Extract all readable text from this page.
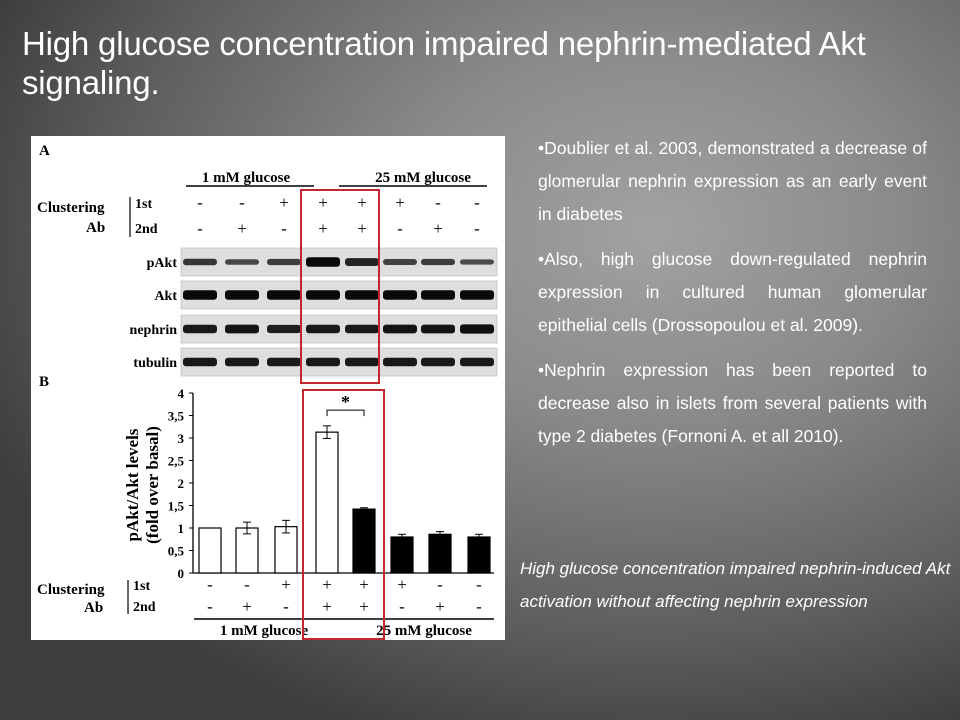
High glucose concentration impaired nephrin-mediated Akt signaling.
A
1 mM glucose	25 mM glucose
Clustering
Ab
1st
2nd
- - + + + + - -
- + - + + - + -
pAkt
Akt
nephrin
tubulin
B
0
0,5
1
1,5
2
2,5
3
3,5
4
pAkt/Akt levels (fold over basal)
*
Clustering
Ab
1st
2nd
- - + + + + - -
- + - + + - + -
1 mM glucose	25 mM glucose

•Doublier et al. 2003, demonstrated a decrease of glomerular nephrin expression as an early event in diabetes

•Also, high glucose down-regulated nephrin expression in cultured human glomerular epithelial cells (Drossopoulou et al. 2009).

•Nephrin expression has been reported to decrease also in islets from several patients with type 2 diabetes (Fornoni A. et all 2010).

High glucose concentration impaired nephrin-induced Akt activation without affecting nephrin expression
